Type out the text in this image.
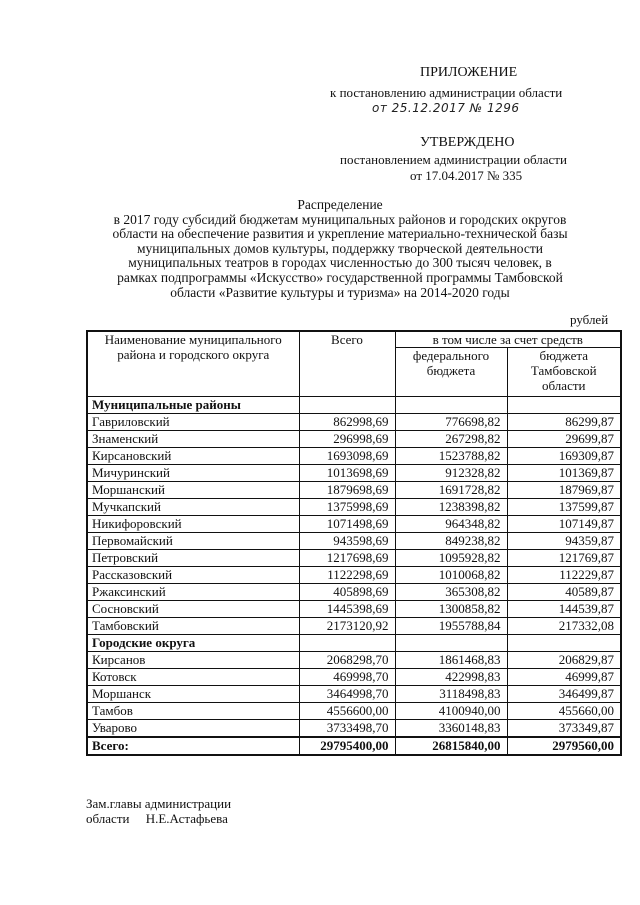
ПРИЛОЖЕНИЕ
к постановлению администрации области
от 25.12.2017 № 1296
УТВЕРЖДЕНО
постановлением администрации области
от 17.04.2017 № 335
Распределение
в 2017 году субсидий бюджетам муниципальных районов и городских округов
области на обеспечение развития и укрепление материально-технической базы
муниципальных домов культуры, поддержку творческой деятельности
муниципальных театров в городах численностью до 300 тысяч человек, в
рамках подпрограммы «Искусство» государственной программы Тамбовской
области «Развитие культуры и туризма» на 2014-2020 годы
рублей
Наименование муниципального района и городского округа	Всего	в том числе за счет средств	
		федерального бюджета	бюджета Тамбовской области
Муниципальные районы			
Гавриловский	862998,69	776698,82	86299,87
Знаменский	296998,69	267298,82	29699,87
Кирсановский	1693098,69	1523788,82	169309,87
Мичуринский	1013698,69	912328,82	101369,87
Моршанский	1879698,69	1691728,82	187969,87
Мучкапский	1375998,69	1238398,82	137599,87
Никифоровский	1071498,69	964348,82	107149,87
Первомайский	943598,69	849238,82	94359,87
Петровский	1217698,69	1095928,82	121769,87
Рассказовский	1122298,69	1010068,82	112229,87
Ржаксинский	405898,69	365308,82	40589,87
Сосновский	1445398,69	1300858,82	144539,87
Тамбовский	2173120,92	1955788,84	217332,08
Городские округа			
Кирсанов	2068298,70	1861468,83	206829,87
Котовск	469998,70	422998,83	46999,87
Моршанск	3464998,70	3118498,83	346499,87
Тамбов	4556600,00	4100940,00	455660,00
Уварово	3733498,70	3360148,83	373349,87
Всего:	29795400,00	26815840,00	2979560,00
Зам.главы администрации
области     Н.Е.Астафьева
